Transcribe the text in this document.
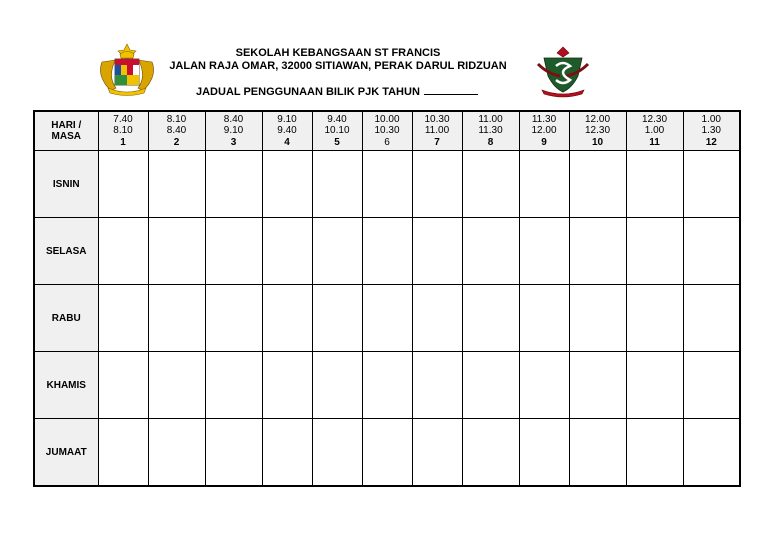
SEKOLAH KEBANGSAAN ST FRANCIS
JALAN RAJA OMAR, 32000 SITIAWAN, PERAK DARUL RIDZUAN
JADUAL PENGGUNAAN BILIK PJK TAHUN
HARI /
MASA	7.40
8.10
1	8.10
8.40
2	8.40
9.10
3	9.10
9.40
4	9.40
10.10
5	10.00
10.30
6	10.30
11.00
7	11.00
11.30
8	11.30
12.00
9	12.00
12.30
10	12.30
1.00
11	1.00
1.30
12

ISNIN												
SELASA												
RABU												
KHAMIS												
JUMAAT												
